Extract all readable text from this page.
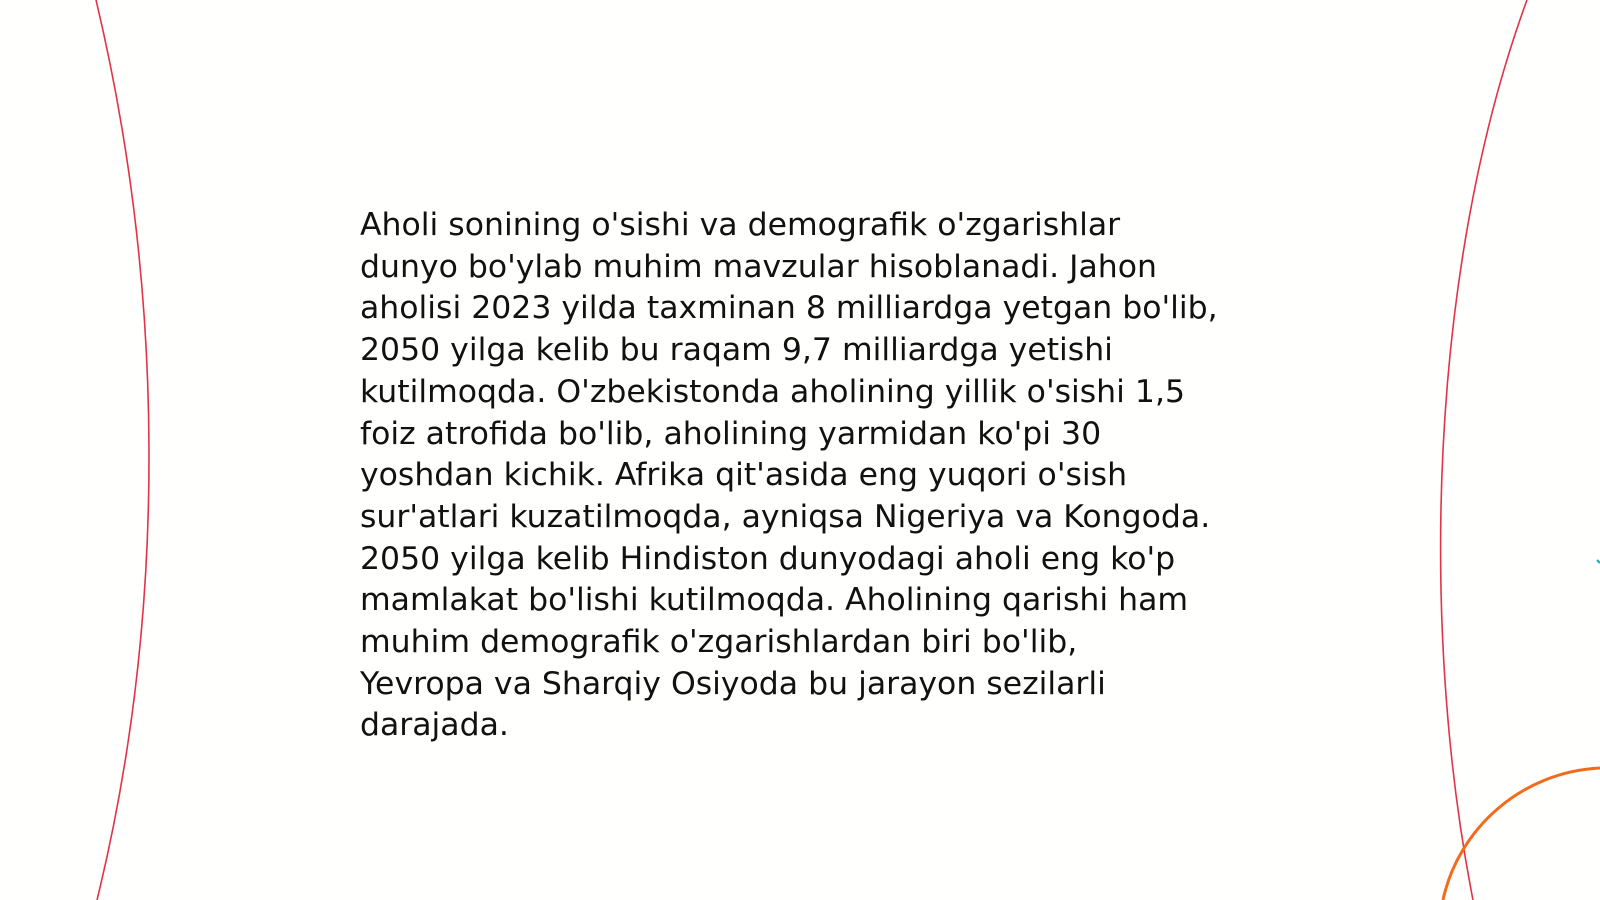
Aholi sonining o'sishi va demografik o'zgarishlar
dunyo bo'ylab muhim mavzular hisoblanadi. Jahon
aholisi 2023 yilda taxminan 8 milliardga yetgan bo'lib,
2050 yilga kelib bu raqam 9,7 milliardga yetishi
kutilmoqda. O'zbekistonda aholining yillik o'sishi 1,5
foiz atrofida bo'lib, aholining yarmidan ko'pi 30
yoshdan kichik. Afrika qit'asida eng yuqori o'sish
sur'atlari kuzatilmoqda, ayniqsa Nigeriya va Kongoda.
2050 yilga kelib Hindiston dunyodagi aholi eng ko'p
mamlakat bo'lishi kutilmoqda. Aholining qarishi ham
muhim demografik o'zgarishlardan biri bo'lib,
Yevropa va Sharqiy Osiyoda bu jarayon sezilarli
darajada.
